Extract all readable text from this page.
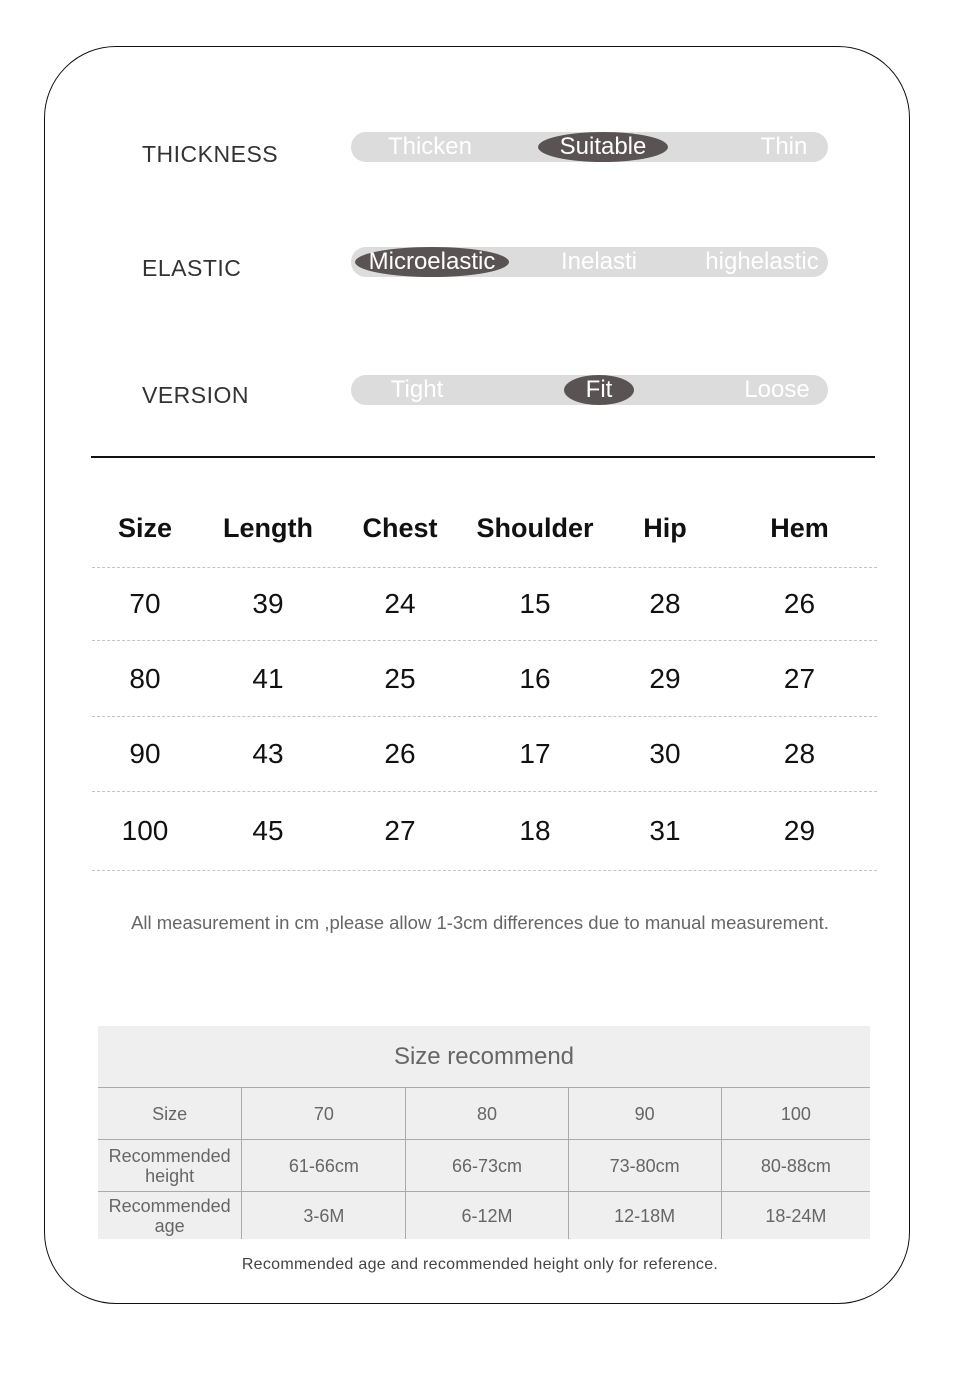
THICKNESS	Thicken	Suitable	Thin
ELASTIC	Microelastic	Inelasti	highelastic
VERSION	Tight	Fit	Loose
Size	Length	Chest	Shoulder	Hip	Hem
70	39	24	15	28	26
80	41	25	16	29	27
90	43	26	17	30	28
100	45	27	18	31	29
All measurement in cm ,please allow 1-3cm differences due to manual measurement.
Size recommend
Size	70	80	90	100
Recommended height	61-66cm	66-73cm	73-80cm	80-88cm
Recommended age	3-6M	6-12M	12-18M	18-24M
Recommended age and recommended height only for reference.
